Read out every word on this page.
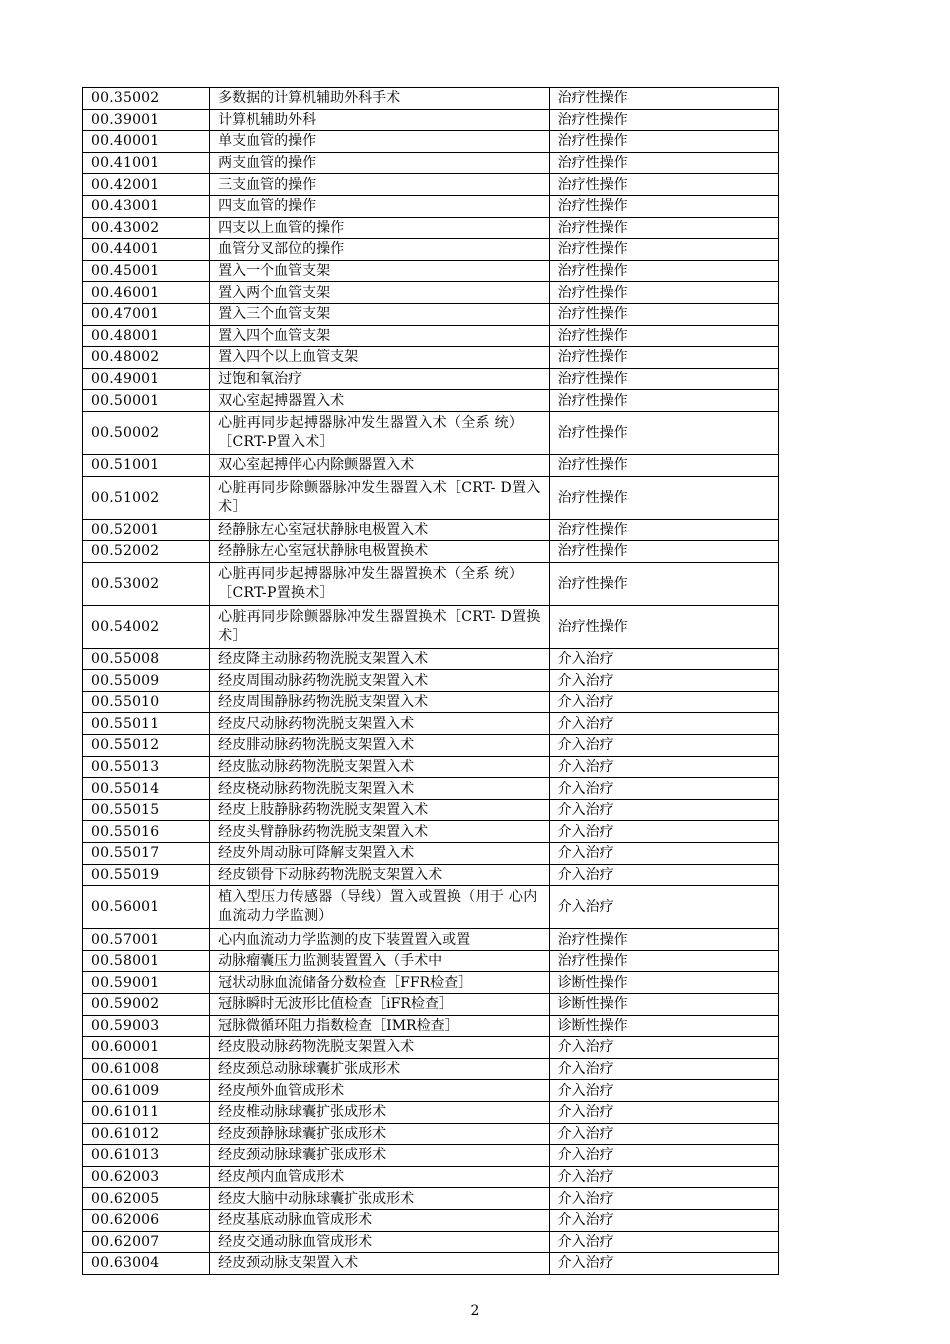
00.35002	多数据的计算机辅助外科手术	治疗性操作
00.39001	计算机辅助外科	治疗性操作
00.40001	单支血管的操作	治疗性操作
00.41001	两支血管的操作	治疗性操作
00.42001	三支血管的操作	治疗性操作
00.43001	四支血管的操作	治疗性操作
00.43002	四支以上血管的操作	治疗性操作
00.44001	血管分叉部位的操作	治疗性操作
00.45001	置入一个血管支架	治疗性操作
00.46001	置入两个血管支架	治疗性操作
00.47001	置入三个血管支架	治疗性操作
00.48001	置入四个血管支架	治疗性操作
00.48002	置入四个以上血管支架	治疗性操作
00.49001	过饱和氧治疗	治疗性操作
00.50001	双心室起搏器置入术	治疗性操作
00.50002	心脏再同步起搏器脉冲发生器置入术（全系 统）［CRT-P置入术］	治疗性操作
00.51001	双心室起搏伴心内除颤器置入术	治疗性操作
00.51002	心脏再同步除颤器脉冲发生器置入术［CRT- D置入术］	治疗性操作
00.52001	经静脉左心室冠状静脉电极置入术	治疗性操作
00.52002	经静脉左心室冠状静脉电极置换术	治疗性操作
00.53002	心脏再同步起搏器脉冲发生器置换术（全系 统）［CRT-P置换术］	治疗性操作
00.54002	心脏再同步除颤器脉冲发生器置换术［CRT- D置换术］	治疗性操作
00.55008	经皮降主动脉药物洗脱支架置入术	介入治疗
00.55009	经皮周围动脉药物洗脱支架置入术	介入治疗
00.55010	经皮周围静脉药物洗脱支架置入术	介入治疗
00.55011	经皮尺动脉药物洗脱支架置入术	介入治疗
00.55012	经皮腓动脉药物洗脱支架置入术	介入治疗
00.55013	经皮肱动脉药物洗脱支架置入术	介入治疗
00.55014	经皮桡动脉药物洗脱支架置入术	介入治疗
00.55015	经皮上肢静脉药物洗脱支架置入术	介入治疗
00.55016	经皮头臂静脉药物洗脱支架置入术	介入治疗
00.55017	经皮外周动脉可降解支架置入术	介入治疗
00.55019	经皮锁骨下动脉药物洗脱支架置入术	介入治疗
00.56001	植入型压力传感器（导线）置入或置换（用于 心内血流动力学监测）	介入治疗
00.57001	心内血流动力学监测的皮下装置置入或置	治疗性操作
00.58001	动脉瘤囊压力监测装置置入（手术中	治疗性操作
00.59001	冠状动脉血流储备分数检查［FFR检查］	诊断性操作
00.59002	冠脉瞬时无波形比值检查［iFR检查］	诊断性操作
00.59003	冠脉微循环阻力指数检查［IMR检查］	诊断性操作
00.60001	经皮股动脉药物洗脱支架置入术	介入治疗
00.61008	经皮颈总动脉球囊扩张成形术	介入治疗
00.61009	经皮颅外血管成形术	介入治疗
00.61011	经皮椎动脉球囊扩张成形术	介入治疗
00.61012	经皮颈静脉球囊扩张成形术	介入治疗
00.61013	经皮颈动脉球囊扩张成形术	介入治疗
00.62003	经皮颅内血管成形术	介入治疗
00.62005	经皮大脑中动脉球囊扩张成形术	介入治疗
00.62006	经皮基底动脉血管成形术	介入治疗
00.62007	经皮交通动脉血管成形术	介入治疗
00.63004	经皮颈动脉支架置入术	介入治疗
2
